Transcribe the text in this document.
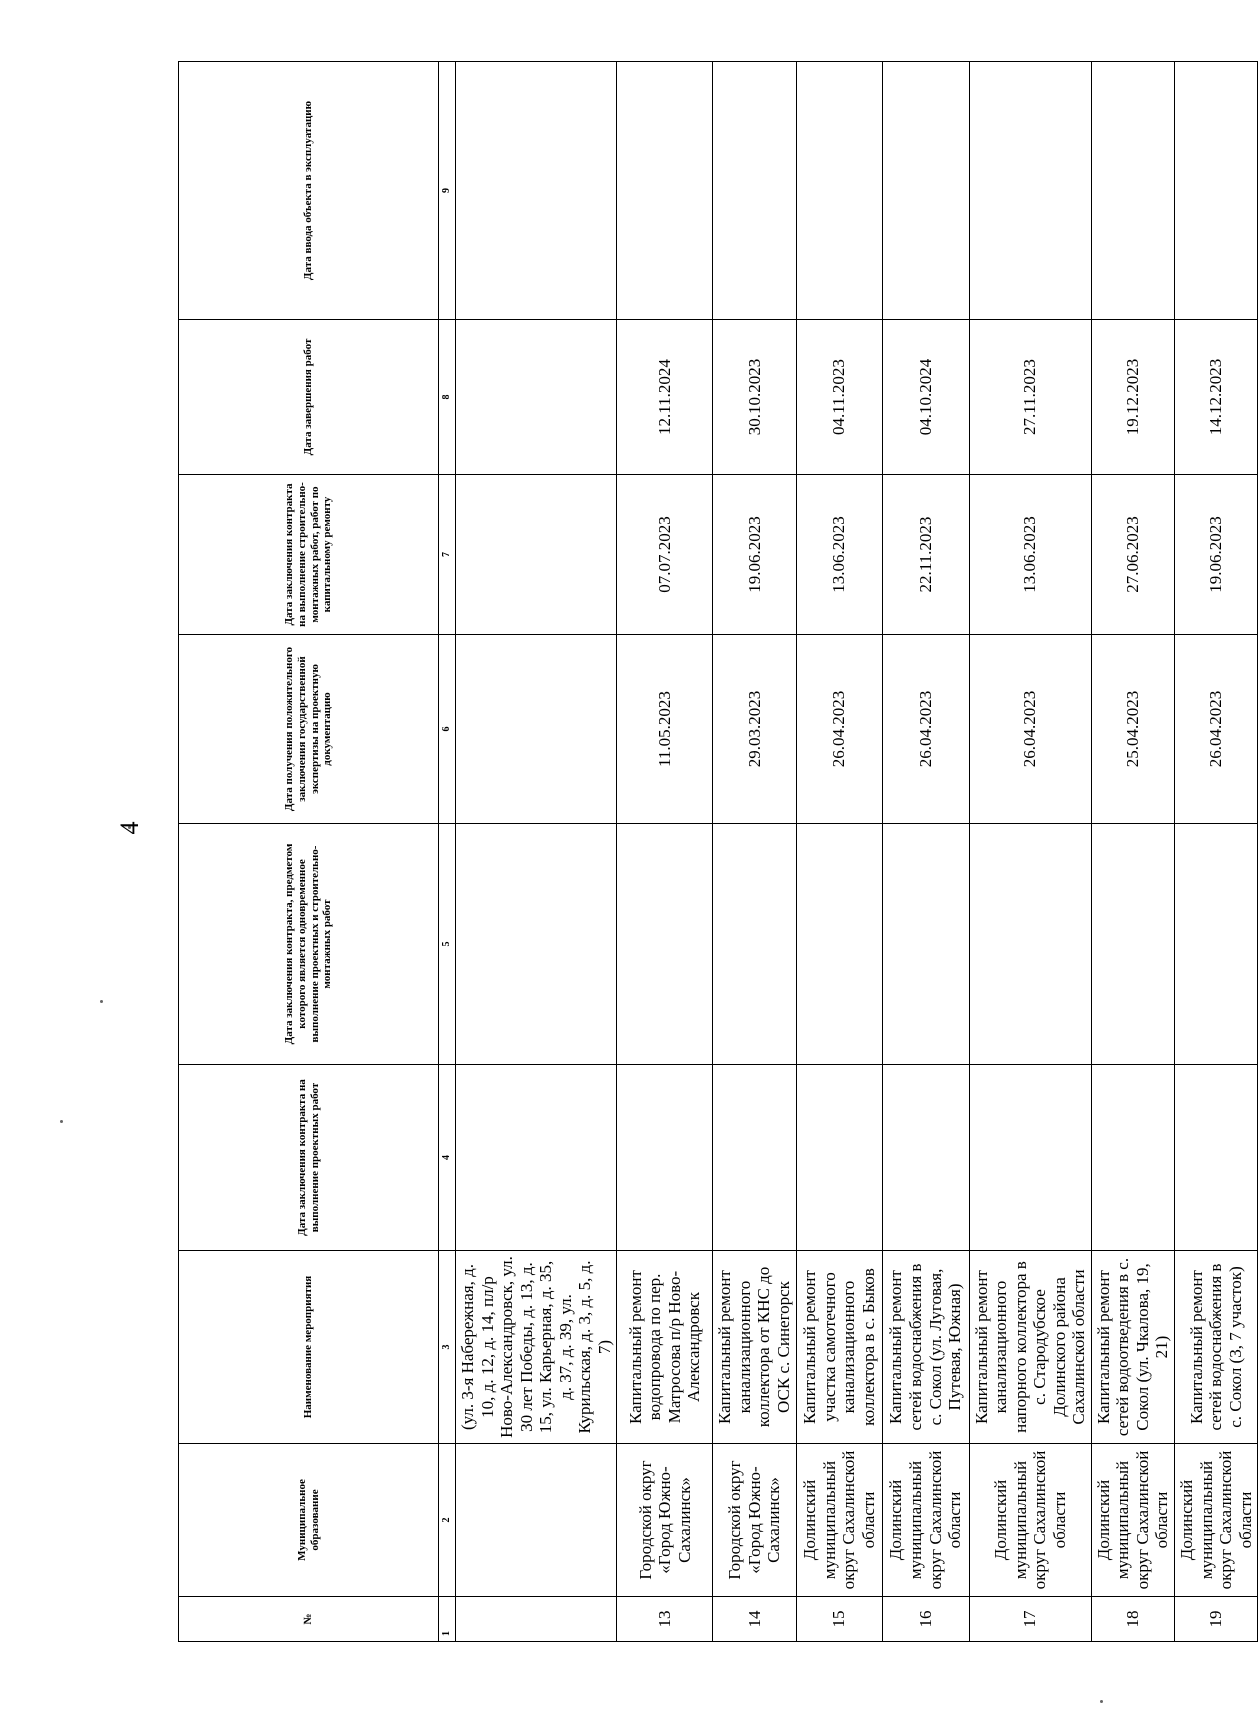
4
№	Муниципальное образование	Наименование мероприятия	Дата заключения контракта на выполнение проектных работ	Дата заключения контракта, предметом которого является одновременное выполнение проектных и строительно-монтажных работ	Дата получения положительного заключения государственной экспертизы на проектную документацию	Дата заключения контракта на выполнение строительно-монтажных работ, работ по капитальному ремонту	Дата завершения работ	Дата ввода объекта в эксплуатацию
1	2	3	4	5	6	7	8	9
		(ул. 3-я Набережная, д. 10, д. 12, д. 14, пл/р Ново-Александровск, ул. 30 лет Победы, д. 13, д. 15, ул. Карьерная, д. 35, д. 37, д. 39, ул. Курильская, д. 3, д. 5, д. 7)						
13	Городской округ «Город Южно-Сахалинск»	Капитальный ремонт водопровода по пер. Матросова п/р Ново-Александровск			11.05.2023	07.07.2023	12.11.2024	
14	Городской округ «Город Южно-Сахалинск»	Капитальный ремонт канализационного коллектора от КНС до ОСК с. Синегорск			29.03.2023	19.06.2023	30.10.2023	
15	Долинский муниципальный округ Сахалинской области	Капитальный ремонт участка самотечного канализационного коллектора в с. Быков			26.04.2023	13.06.2023	04.11.2023	
16	Долинский муниципальный округ Сахалинской области	Капитальный ремонт сетей водоснабжения в с. Сокол (ул. Луговая, Путевая, Южная)			26.04.2023	22.11.2023	04.10.2024	
17	Долинский муниципальный округ Сахалинской области	Капитальный ремонт канализационного напорного коллектора в с. Стародубское Долинского района Сахалинской области			26.04.2023	13.06.2023	27.11.2023	
18	Долинский муниципальный округ Сахалинской области	Капитальный ремонт сетей водоотведения в с. Сокол (ул. Чкалова, 19, 21)			25.04.2023	27.06.2023	19.12.2023	
19	Долинский муниципальный округ Сахалинской области	Капитальный ремонт сетей водоснабжения в с. Сокол (3, 7 участок)			26.04.2023	19.06.2023	14.12.2023	
